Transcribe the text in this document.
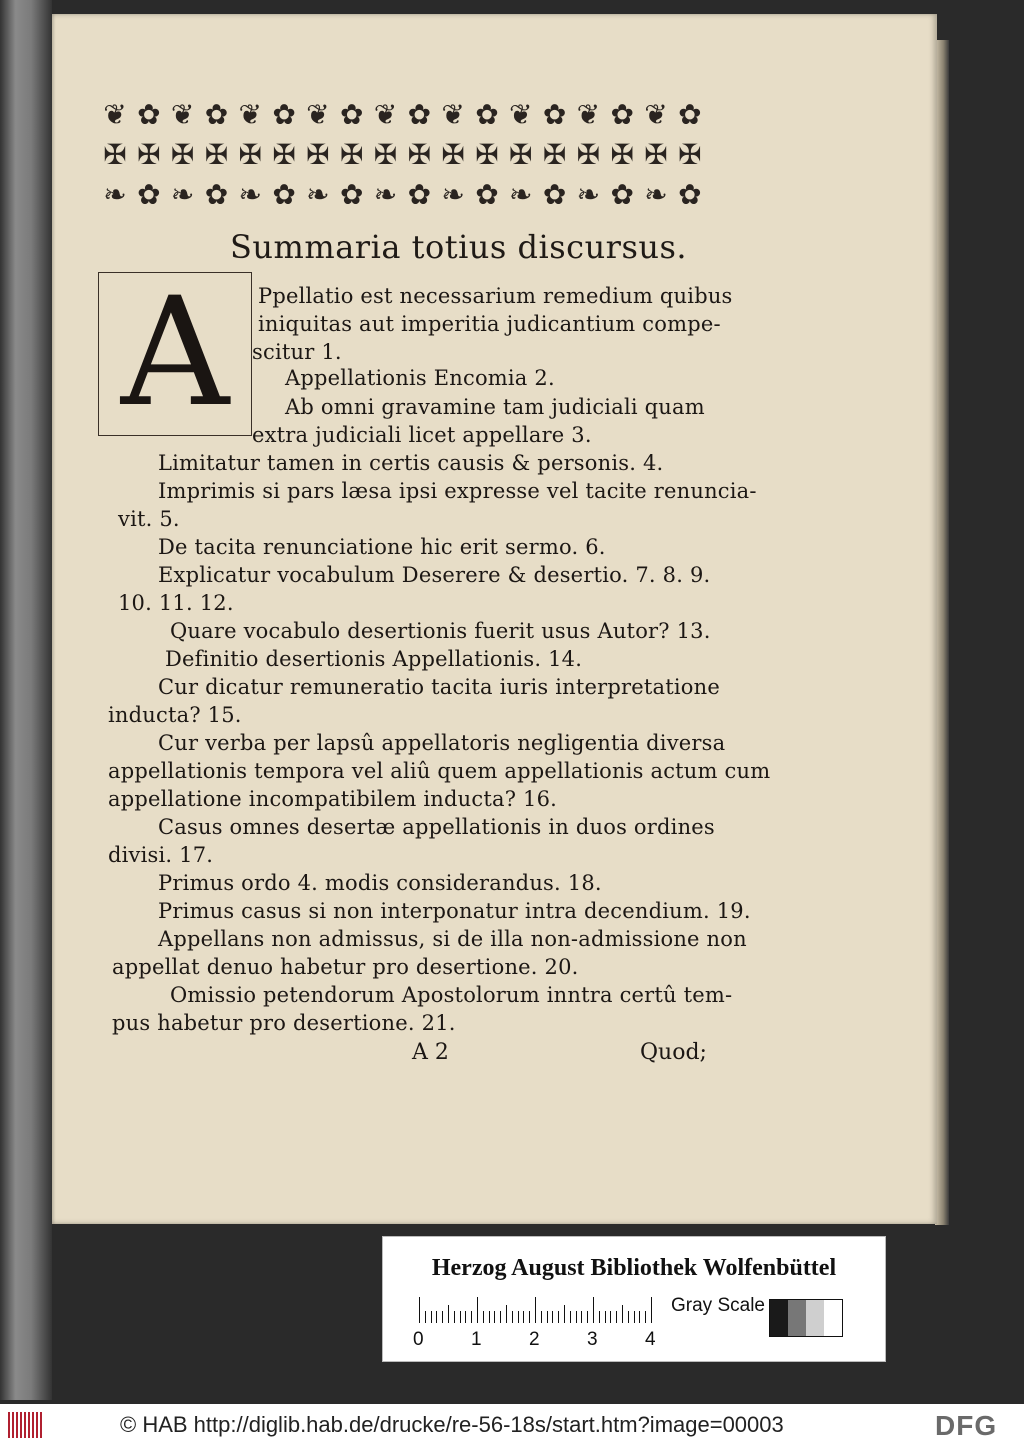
❦ ✿ ❦ ✿ ❦ ✿ ❦ ✿ ❦ ✿ ❦ ✿ ❦ ✿ ❦ ✿ ❦ ✿
✠ ✠ ✠ ✠ ✠ ✠ ✠ ✠ ✠ ✠ ✠ ✠ ✠ ✠ ✠ ✠ ✠ ✠
❧ ✿ ❧ ✿ ❧ ✿ ❧ ✿ ❧ ✿ ❧ ✿ ❧ ✿ ❧ ✿ ❧ ✿
Summaria totius discursus.
A	Ppellatio est necessarium remedium quibus
iniquitas aut imperitia judicantium compe-
scitur 1.
Appellationis Encomia 2.
Ab omni gravamine tam judiciali quam
extra judiciali licet appellare 3.
Limitatur tamen in certis causis & personis. 4.
Imprimis si pars læsa ipsi expresse vel tacite renuncia-
vit. 5.
De tacita renunciatione hic erit sermo. 6.
Explicatur vocabulum Deserere & desertio. 7. 8. 9.
10. 11. 12.
Quare vocabulo desertionis fuerit usus Autor? 13.
Definitio desertionis Appellationis. 14.
Cur dicatur remuneratio tacita iuris interpretatione
inducta? 15.
Cur verba per lapsû appellatoris negligentia diversa
appellationis tempora vel aliû quem appellationis actum cum
appellatione incompatibilem inducta? 16.
Casus omnes desertæ appellationis in duos ordines
divisi. 17.
Primus ordo 4. modis considerandus. 18.
Primus casus si non interponatur intra decendium. 19.
Appellans non admissus, si de illa non-admissione non
appellat denuo habetur pro desertione. 20.
Omissio petendorum Apostolorum inntra certû tem-
pus habetur pro desertione. 21.
A 2	Quod;
Herzog August Bibliothek Wolfenbüttel
0 1 2 3 4
Gray Scale
© HAB http://diglib.hab.de/drucke/re-56-18s/start.htm?image=00003	DFG
